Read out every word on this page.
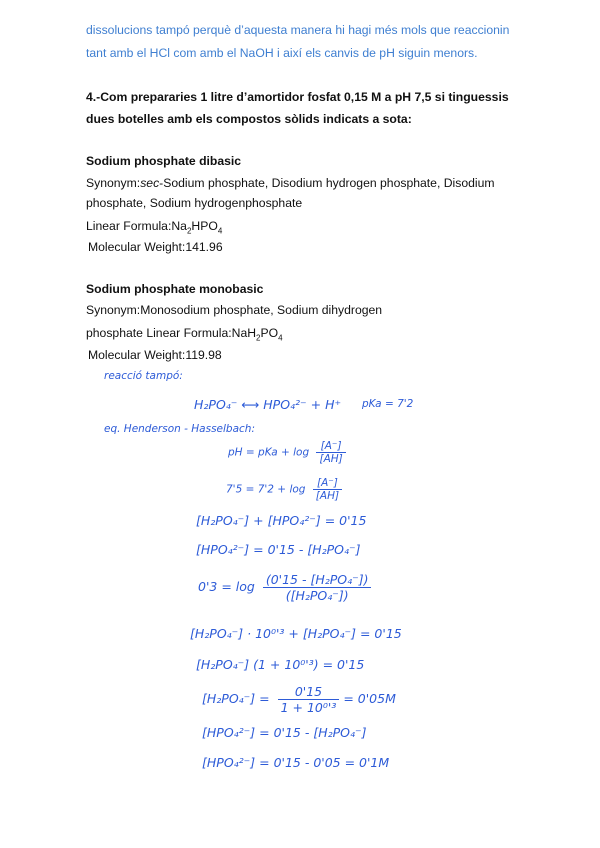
dissolucions tampó perquè d’aquesta manera hi hagi més mols que reaccionin
tant amb el HCl com amb el NaOH i així els canvis de pH siguin menors.
4.-Com prepararies 1 litre d’amortidor fosfat 0,15 M a pH 7,5 si tinguessis
dues botelles amb els compostos sòlids indicats a sota:
Sodium phosphate dibasic
Synonym:sec-Sodium phosphate, Disodium hydrogen phosphate, Disodium
phosphate, Sodium hydrogenphosphate
Linear $Formula:Na_2HPO_4$
Molecular Weight:141.96
Sodium phosphate monobasic
Synonym:Monosodium phosphate, Sodium dihydrogen
phosphate Linear $Formula:NaH_2PO_4$
Molecular Weight:119.98
reacció tampó:
H₂PO₄⁻ ⟷ HPO₄²⁻ + H⁺ pKa = 7'2
eq. Henderson - Hasselbach:
pH = pKa + $\log \frac{[A^-]}{[AH]}$
$7'5 = 7'2 + \log \frac{[A^-]}{[AH]}$
[H₂PO₄⁻] + [HPO₄²⁻] = 0'15
[HPO₄²⁻] = 0'15 - [H₂PO₄⁻]
$0'3 = \log \frac{\text{(0'15 - [H₂PO₄⁻])}}{\text{([H₂PO₄⁻])}}$
[H₂PO₄⁻] · 10⁰'³ + [H₂PO₄⁻] = 0'15
[H₂PO₄⁻] (1 + 10⁰'³) = 0'15
$[H_2PO_4^-] = \frac{0'15}{\text{1 + 10⁰'³}} = 0'05M$
[HPO₄²⁻] = 0'15 - [H₂PO₄⁻]
[HPO₄²⁻] = 0'15 - 0'05 = 0'1M
